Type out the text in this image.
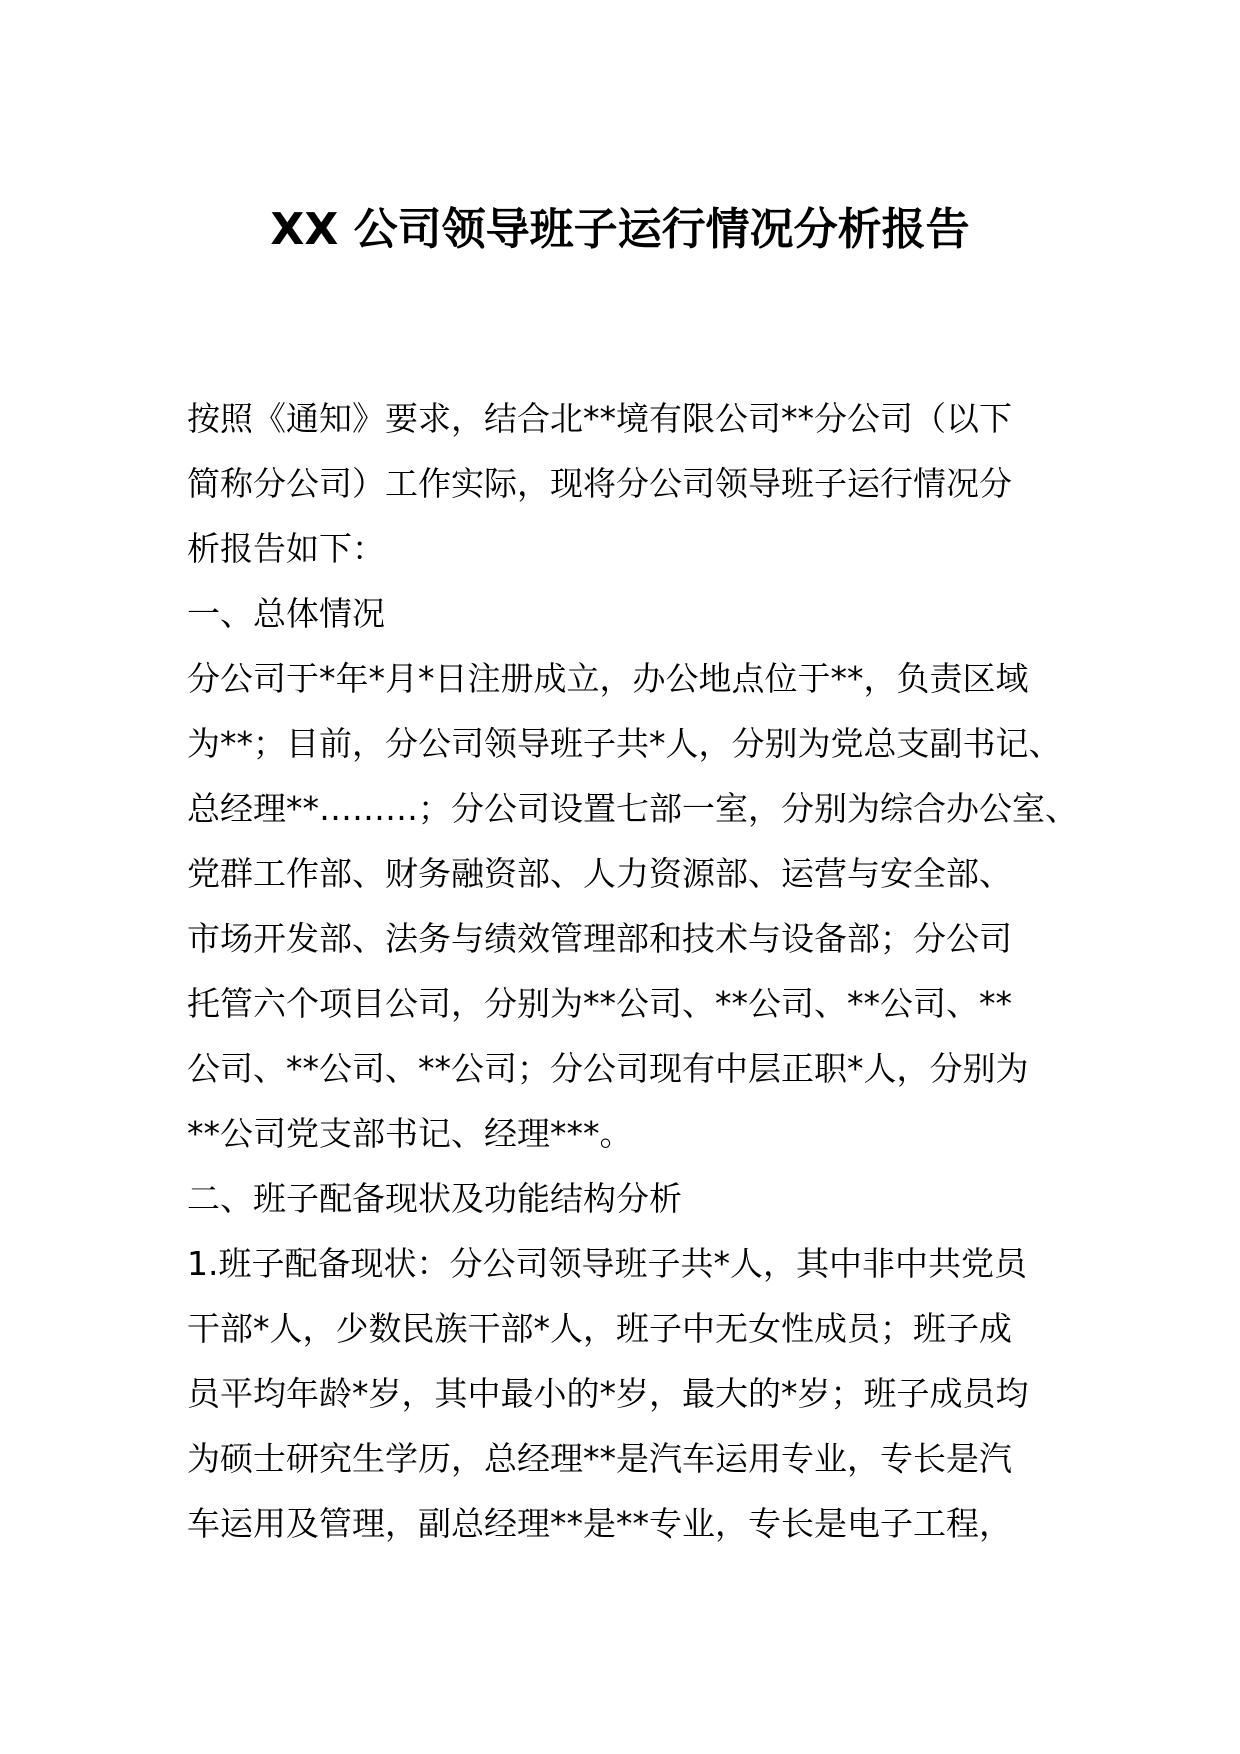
XX 公司领导班子运行情况分析报告

按照《通知》要求，结合北**境有限公司**分公司（以下

简称分公司）工作实际，现将分公司领导班子运行情况分

析报告如下：

一、总体情况

分公司于*年*月*日注册成立，办公地点位于**，负责区域

为**；目前，分公司领导班子共*人，分别为党总支副书记、

总经理**………；分公司设置七部一室，分别为综合办公室、

党群工作部、财务融资部、人力资源部、运营与安全部、

市场开发部、法务与绩效管理部和技术与设备部；分公司

托管六个项目公司，分别为**公司、**公司、**公司、**

公司、**公司、**公司；分公司现有中层正职*人，分别为

**公司党支部书记、经理***。

二、班子配备现状及功能结构分析

1.班子配备现状：分公司领导班子共*人，其中非中共党员

干部*人，少数民族干部*人，班子中无女性成员；班子成

员平均年龄*岁，其中最小的*岁，最大的*岁；班子成员均

为硕士研究生学历，总经理**是汽车运用专业，专长是汽

车运用及管理，副总经理**是**专业，专长是电子工程，
